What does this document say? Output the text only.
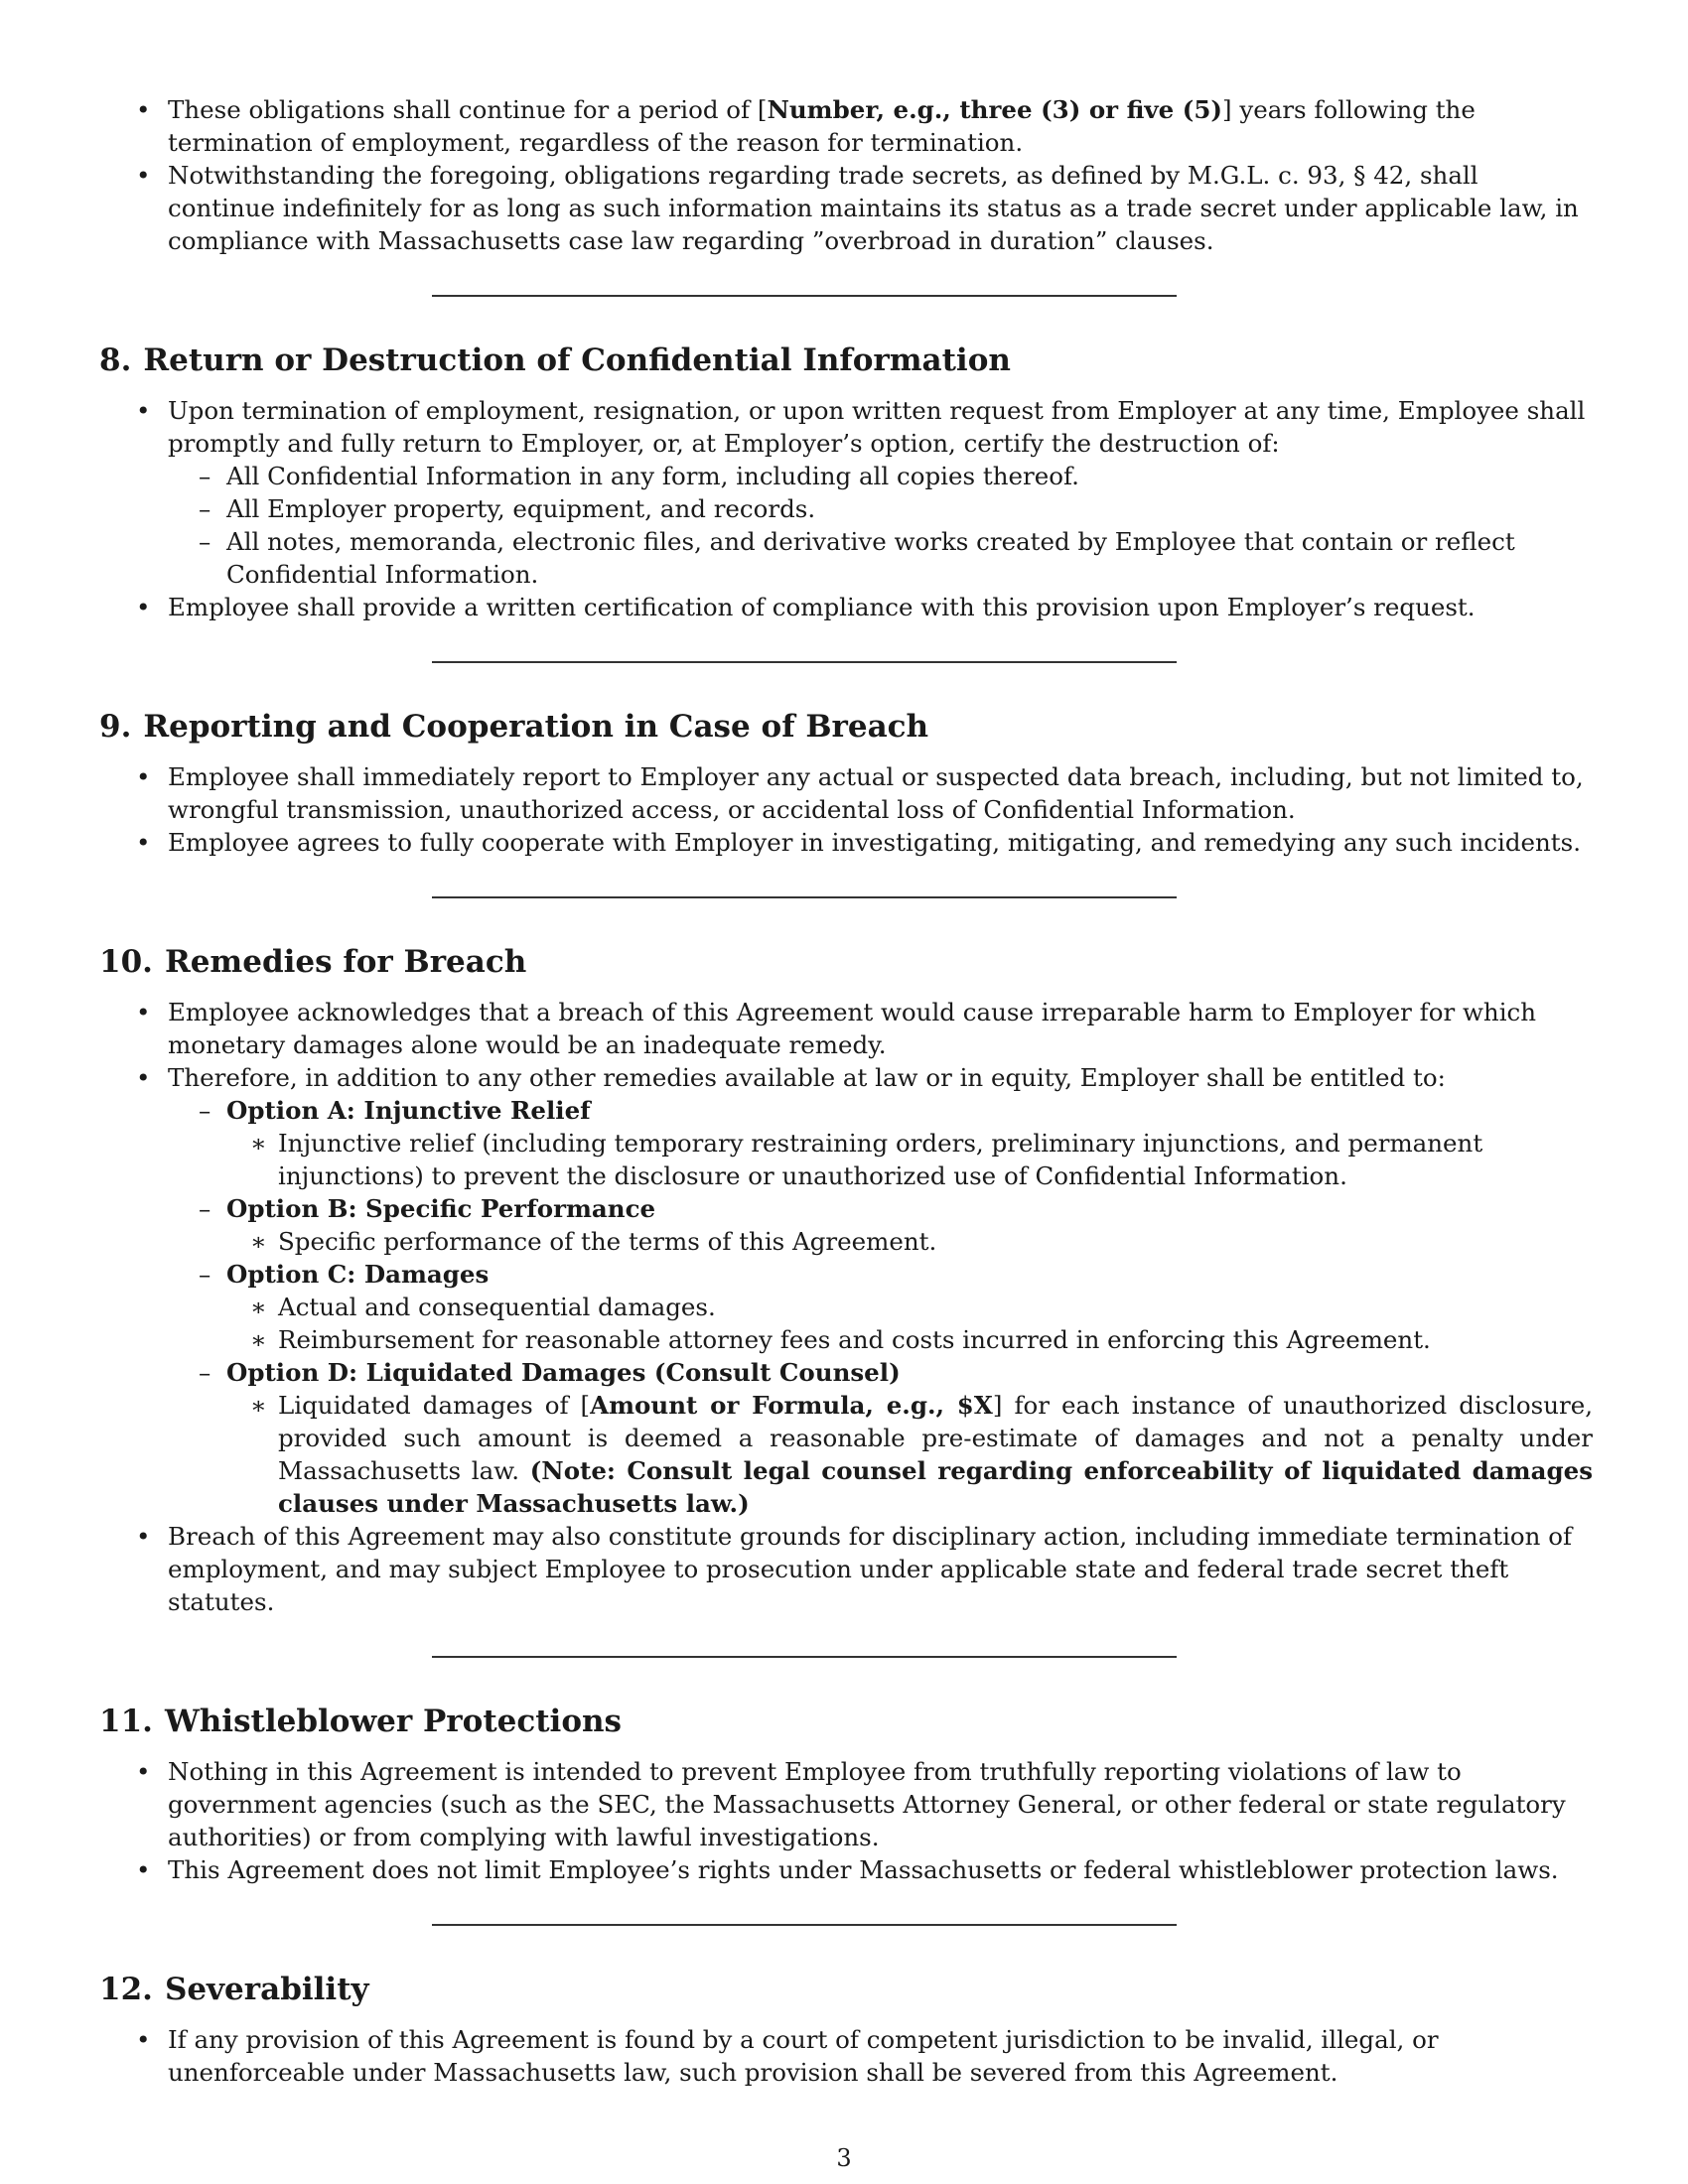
• These obligations shall continue for a period of [Number, e.g., three (3) or five (5)] years following the termination of employment, regardless of the reason for termination.
• Notwithstanding the foregoing, obligations regarding trade secrets, as defined by M.G.L. c. 93, § 42, shall continue indefinitely for as long as such information maintains its status as a trade secret under applicable law, in compliance with Massachusetts case law regarding ”overbroad in duration” clauses.
8. Return or Destruction of Confidential Information
• Upon termination of employment, resignation, or upon written request from Employer at any time, Employee shall promptly and fully return to Employer, or, at Employer’s option, certify the destruction of:
– All Confidential Information in any form, including all copies thereof.
– All Employer property, equipment, and records.
– All notes, memoranda, electronic files, and derivative works created by Employee that contain or reflect Confidential Information.
• Employee shall provide a written certification of compliance with this provision upon Employer’s request.
9. Reporting and Cooperation in Case of Breach
• Employee shall immediately report to Employer any actual or suspected data breach, including, but not limited to, wrongful transmission, unauthorized access, or accidental loss of Confidential Information.
• Employee agrees to fully cooperate with Employer in investigating, mitigating, and remedying any such incidents.
10. Remedies for Breach
• Employee acknowledges that a breach of this Agreement would cause irreparable harm to Employer for which monetary damages alone would be an inadequate remedy.
• Therefore, in addition to any other remedies available at law or in equity, Employer shall be entitled to:
– Option A: Injunctive Relief
∗ Injunctive relief (including temporary restraining orders, preliminary injunctions, and permanent injunctions) to prevent the disclosure or unauthorized use of Confidential Information.
– Option B: Specific Performance
∗ Specific performance of the terms of this Agreement.
– Option C: Damages
∗ Actual and consequential damages.
∗ Reimbursement for reasonable attorney fees and costs incurred in enforcing this Agreement.
– Option D: Liquidated Damages (Consult Counsel)
∗ Liquidated damages of [Amount or Formula, e.g., $X] for each instance of unauthorized disclosure, provided such amount is deemed a reasonable pre-estimate of damages and not a penalty under Massachusetts law. (Note: Consult legal counsel regarding enforceability of liquidated damages clauses under Massachusetts law.)
• Breach of this Agreement may also constitute grounds for disciplinary action, including immediate termination of employment, and may subject Employee to prosecution under applicable state and federal trade secret theft statutes.
11. Whistleblower Protections
• Nothing in this Agreement is intended to prevent Employee from truthfully reporting violations of law to government agencies (such as the SEC, the Massachusetts Attorney General, or other federal or state regulatory authorities) or from complying with lawful investigations.
• This Agreement does not limit Employee’s rights under Massachusetts or federal whistleblower protection laws.
12. Severability
• If any provision of this Agreement is found by a court of competent jurisdiction to be invalid, illegal, or unenforceable under Massachusetts law, such provision shall be severed from this Agreement.
3
